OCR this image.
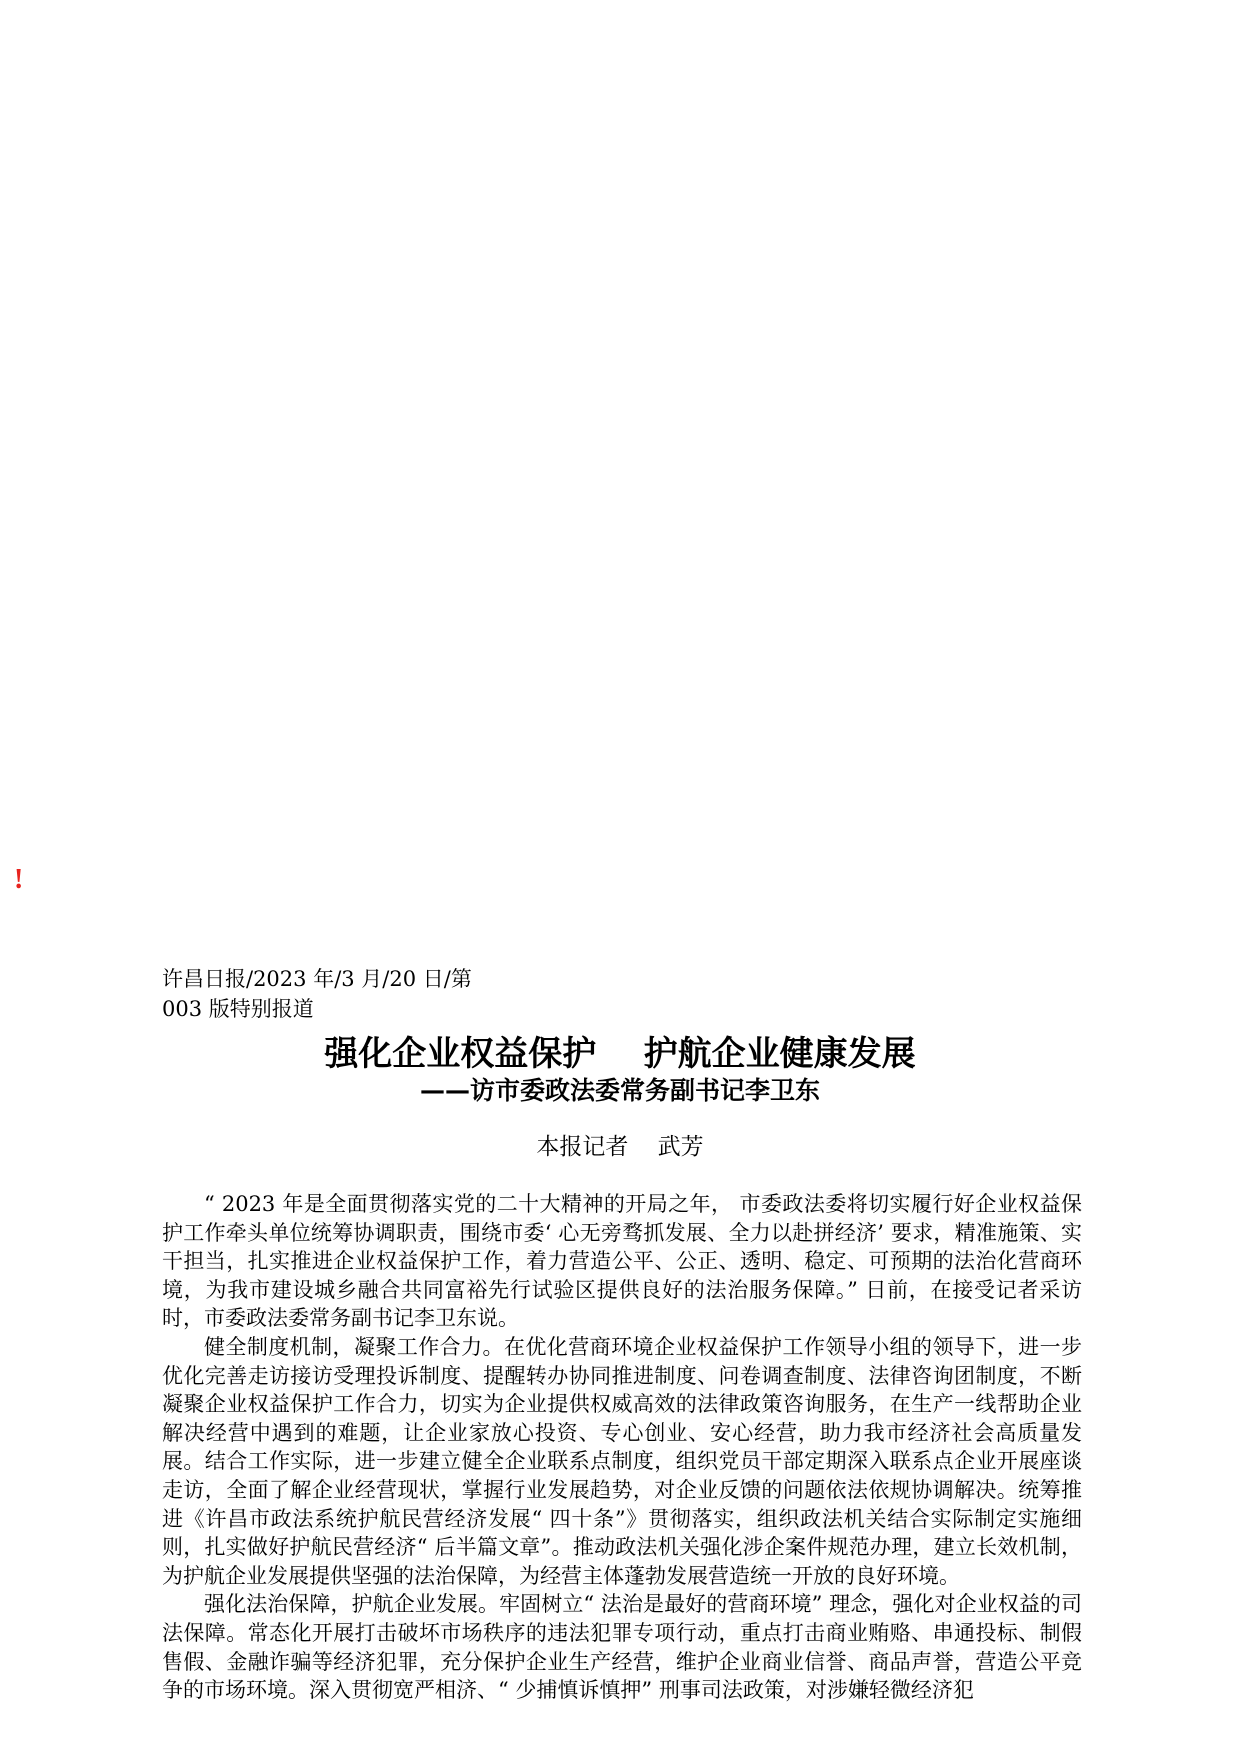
!
许昌日报/2023 年/3 月/20 日/第 003 版特别报道
强化企业权益保护    护航企业健康发展
——访市委政法委常务副书记李卫东
本报记者    武芳

“ 2023 年是全面贯彻落实党的二十大精神的开局之年， 市委政法委将切实履行好企业权益保护工作牵头单位统筹协调职责，围绕市委‘ 心无旁骛抓发展、全力以赴拼经济’ 要求，精准施策、实干担当，扎实推进企业权益保护工作，着力营造公平、公正、透明、稳定、可预期的法治化营商环境，为我市建设城乡融合共同富裕先行试验区提供良好的法治服务保障。” 日前，在接受记者采访时，市委政法委常务副书记李卫东说。

健全制度机制，凝聚工作合力。在优化营商环境企业权益保护工作领导小组的领导下，进一步优化完善走访接访受理投诉制度、提醒转办协同推进制度、问卷调查制度、法律咨询团制度，不断凝聚企业权益保护工作合力，切实为企业提供权威高效的法律政策咨询服务，在生产一线帮助企业解决经营中遇到的难题，让企业家放心投资、专心创业、安心经营，助力我市经济社会高质量发展。结合工作实际，进一步建立健全企业联系点制度，组织党员干部定期深入联系点企业开展座谈走访，全面了解企业经营现状，掌握行业发展趋势，对企业反馈的问题依法依规协调解决。统筹推进《许昌市政法系统护航民营经济发展“ 四十条”》贯彻落实，组织政法机关结合实际制定实施细则，扎实做好护航民营经济“ 后半篇文章”。推动政法机关强化涉企案件规范办理，建立长效机制，为护航企业发展提供坚强的法治保障，为经营主体蓬勃发展营造统一开放的良好环境。

强化法治保障，护航企业发展。牢固树立“ 法治是最好的营商环境” 理念，强化对企业权益的司法保障。常态化开展打击破坏市场秩序的违法犯罪专项行动，重点打击商业贿赂、串通投标、制假售假、金融诈骗等经济犯罪，充分保护企业生产经营，维护企业商业信誉、商品声誉，营造公平竞争的市场环境。深入贯彻宽严相济、“ 少捕慎诉慎押” 刑事司法政策，对涉嫌轻微经济犯
